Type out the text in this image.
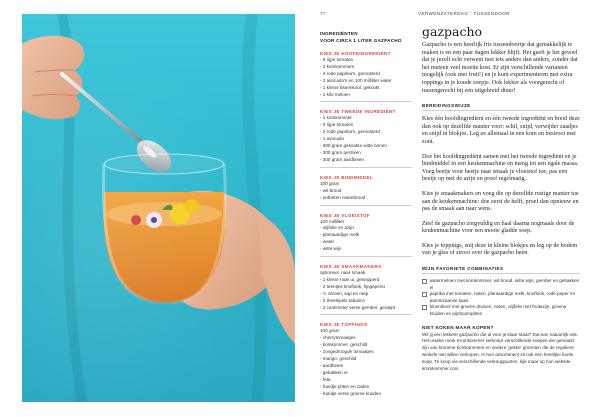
77	VERWENZATERDAG - TUSSENDOOR
INGREDIËNTEN
VOOR CIRCA 1 LITER GAZPACHO
KIES JE HOOFDINGREDIËNT
- 6 rijpe tomaten
- 2 komkommers
- 4 rode paprika's, geroosterd
- 2 avocado's en 100 milliliter water
- 1 kleine bloemkool, gekookt
- 1 kilo meloen
KIES JE TWEEDE INGREDIËNT
- 1 komkommer
- 3 rijpe tomaten
- 2 rode paprika's, geroosterd
- 1 avocado
- 300 gram gekookte witte bonen
- 300 gram perziken
- 300 gram aardbeien
KIES JE BINDMIDDEL
100 gram
- wit brood
- ontbeten notenbrood
KIES JE VLOEISTOF
100 milliliter
- olijfolie en azijn
- plantaardige melk
- water
- witte wijn
KIES JE SMAAKMAKERS
optioneel, naar smaak
- 1 kleine rode ui, gesnipperd
- 2 teentjes knoflook, fijngeperst
- ½ citroen, sap en rasp
- 2 theelepels tabasco
- 2 centimeter verse gember, geraspt
KIES JE TOPPINGS
100 gram
- cherrytomaatjes
- komkommer, geschild
- zongedroogde tomaatjes
- mango, geschild
- aardbeien
- gebakken ei
- feta
- handje pitten en zaden
- handje verse groene kruiden
gazpacho
Gazpacho is een heerlijk fris tussendoortje dat gemakkelijk te maken is en een paar dagen lekker blijft. Het geeft je het gevoel dat je jezelf echt verwent met iets anders dan anders, zonder dat het meteen veel moeite kost. Er zijn verschillende varianten mogelijk (ook met fruit!) en je kunt experimenteren met extra toppings in je koude soepje. Ook lekker als voorgerecht of tussengerecht bij een uitgebreid diner!
BEREIDINGSWIJZE

Kies één hoofdingrediënt en één tweede ingrediënt en breid deze dan ook op dezelfde manier voor: schil, snijd, verwijder zaadjes en snijd in blokjes. Leg ze allemaal in een kom en bestrooi met zout.

Doe het hoofdingrediënt samen met het tweede ingrediënt en je bindmiddel in een keukenmachine en meng tot een egale massa. Voeg beetje voor beetje naar smaak je vloeistof toe, pas een beetje op met de azijn en proef regelmatig.

Kies je smaakmakers en voeg die op dezelfde rustige manier toe aan de keukenmachine: doe eerst de helft, proef dan opnieuw en pas de smaak aan naar wens.

Zeef de gazpacho zorgvuldig en haal daarna nogmaals door de keukenmachine voor een mooie gladde soep.

Kies je toppings, snij deze in kleine blokjes en leg op de bodem van je glas of strooi over de gazpacho heen.

MIJN FAVORIETE COMBINATIES
watermeloen met komkommer, wit brood, witte wijn, gember en gebakken ei
paprika met tomaten, noten, plantaardige melk, knoflook, rode peper en parmezaanse kaas
bloemkool met groene druiven, noten, olijfolie met fruitazijn, groene kruiden en pijnboompitten
NIET KOKEN MAAR KOPEN?
Wil jij een lekkere gazpacho die al voor je klaar staat? Dat kan natuurlijk ook. Het unieke merk Kromkommer verkoopt verschillende soepen die gemaakt zijn van kromme komkommers en andere 'gekke' groenten die de reguliere winkels niet willen verkopen. In hun assortiment zit ook een heerlijke koele soep. Te koop via verschillende verkooppunten, kijk maar op hun website kromkommer.com
